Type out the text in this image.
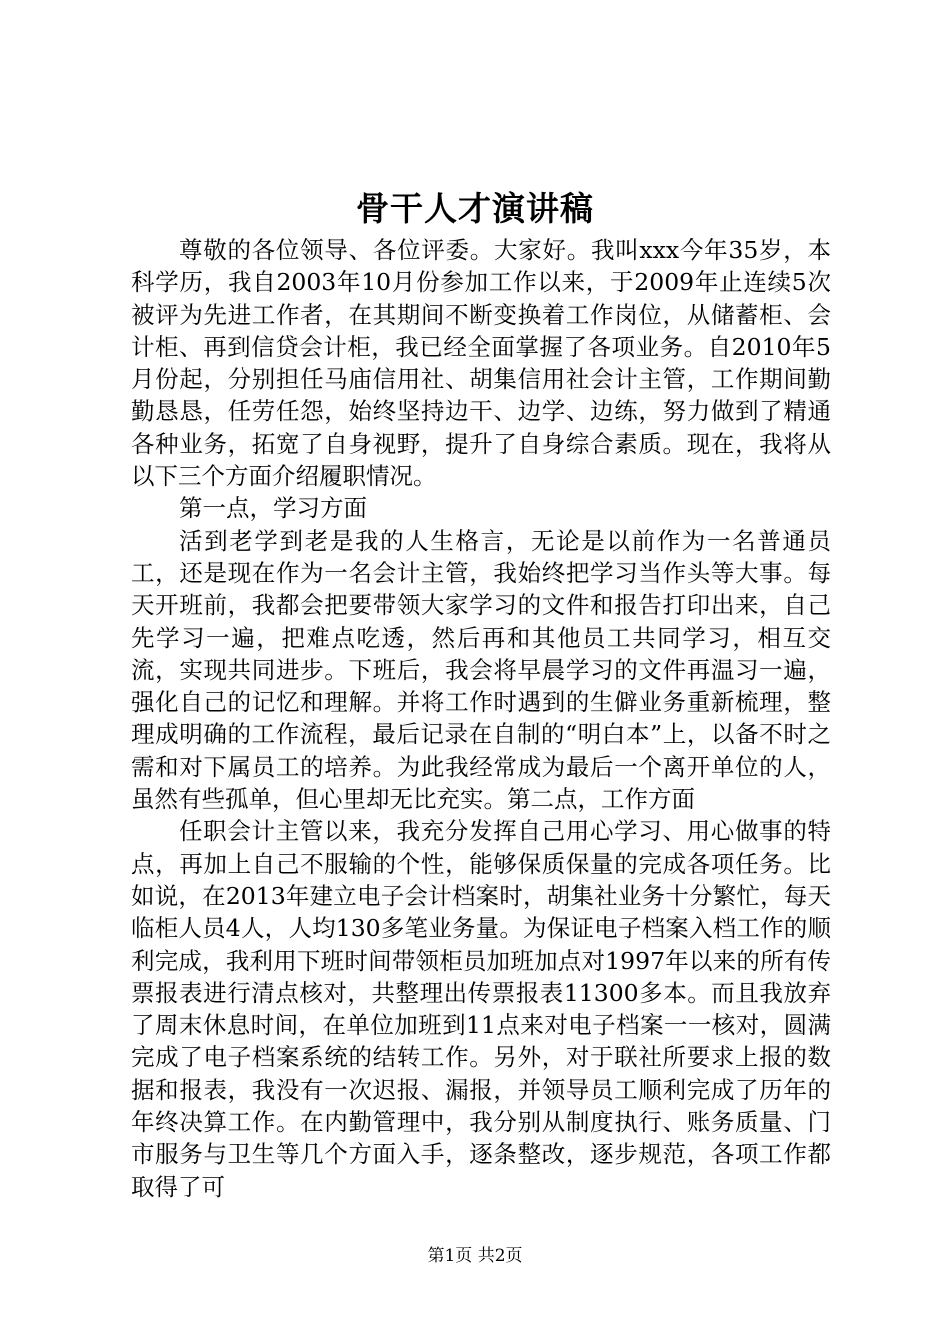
骨干人才演讲稿

尊敬的各位领导、各位评委。大家好。我叫xxx今年35岁，本科学历，我自2003年10月份参加工作以来，于2009年止连续5次被评为先进工作者，在其期间不断变换着工作岗位，从储蓄柜、会计柜、再到信贷会计柜，我已经全面掌握了各项业务。自2010年5月份起，分别担任马庙信用社、胡集信用社会计主管，工作期间勤勤恳恳，任劳任怨，始终坚持边干、边学、边练，努力做到了精通各种业务，拓宽了自身视野，提升了自身综合素质。现在，我将从以下三个方面介绍履职情况。

第一点，学习方面

活到老学到老是我的人生格言，无论是以前作为一名普通员工，还是现在作为一名会计主管，我始终把学习当作头等大事。每天开班前，我都会把要带领大家学习的文件和报告打印出来，自己先学习一遍，把难点吃透，然后再和其他员工共同学习，相互交流，实现共同进步。下班后，我会将早晨学习的文件再温习一遍，强化自己的记忆和理解。并将工作时遇到的生僻业务重新梳理，整理成明确的工作流程，最后记录在自制的“明白本”上，以备不时之需和对下属员工的培养。为此我经常成为最后一个离开单位的人，虽然有些孤单，但心里却无比充实。第二点，工作方面

任职会计主管以来，我充分发挥自己用心学习、用心做事的特点，再加上自己不服输的个性，能够保质保量的完成各项任务。比如说，在2013年建立电子会计档案时，胡集社业务十分繁忙，每天临柜人员4人，人均130多笔业务量。为保证电子档案入档工作的顺利完成，我利用下班时间带领柜员加班加点对1997年以来的所有传票报表进行清点核对，共整理出传票报表11300多本。而且我放弃了周末休息时间，在单位加班到11点来对电子档案一一核对，圆满完成了电子档案系统的结转工作。另外，对于联社所要求上报的数据和报表，我没有一次迟报、漏报，并领导员工顺利完成了历年的年终决算工作。在内勤管理中，我分别从制度执行、账务质量、门市服务与卫生等几个方面入手，逐条整改，逐步规范，各项工作都取得了可

第1页 共2页
